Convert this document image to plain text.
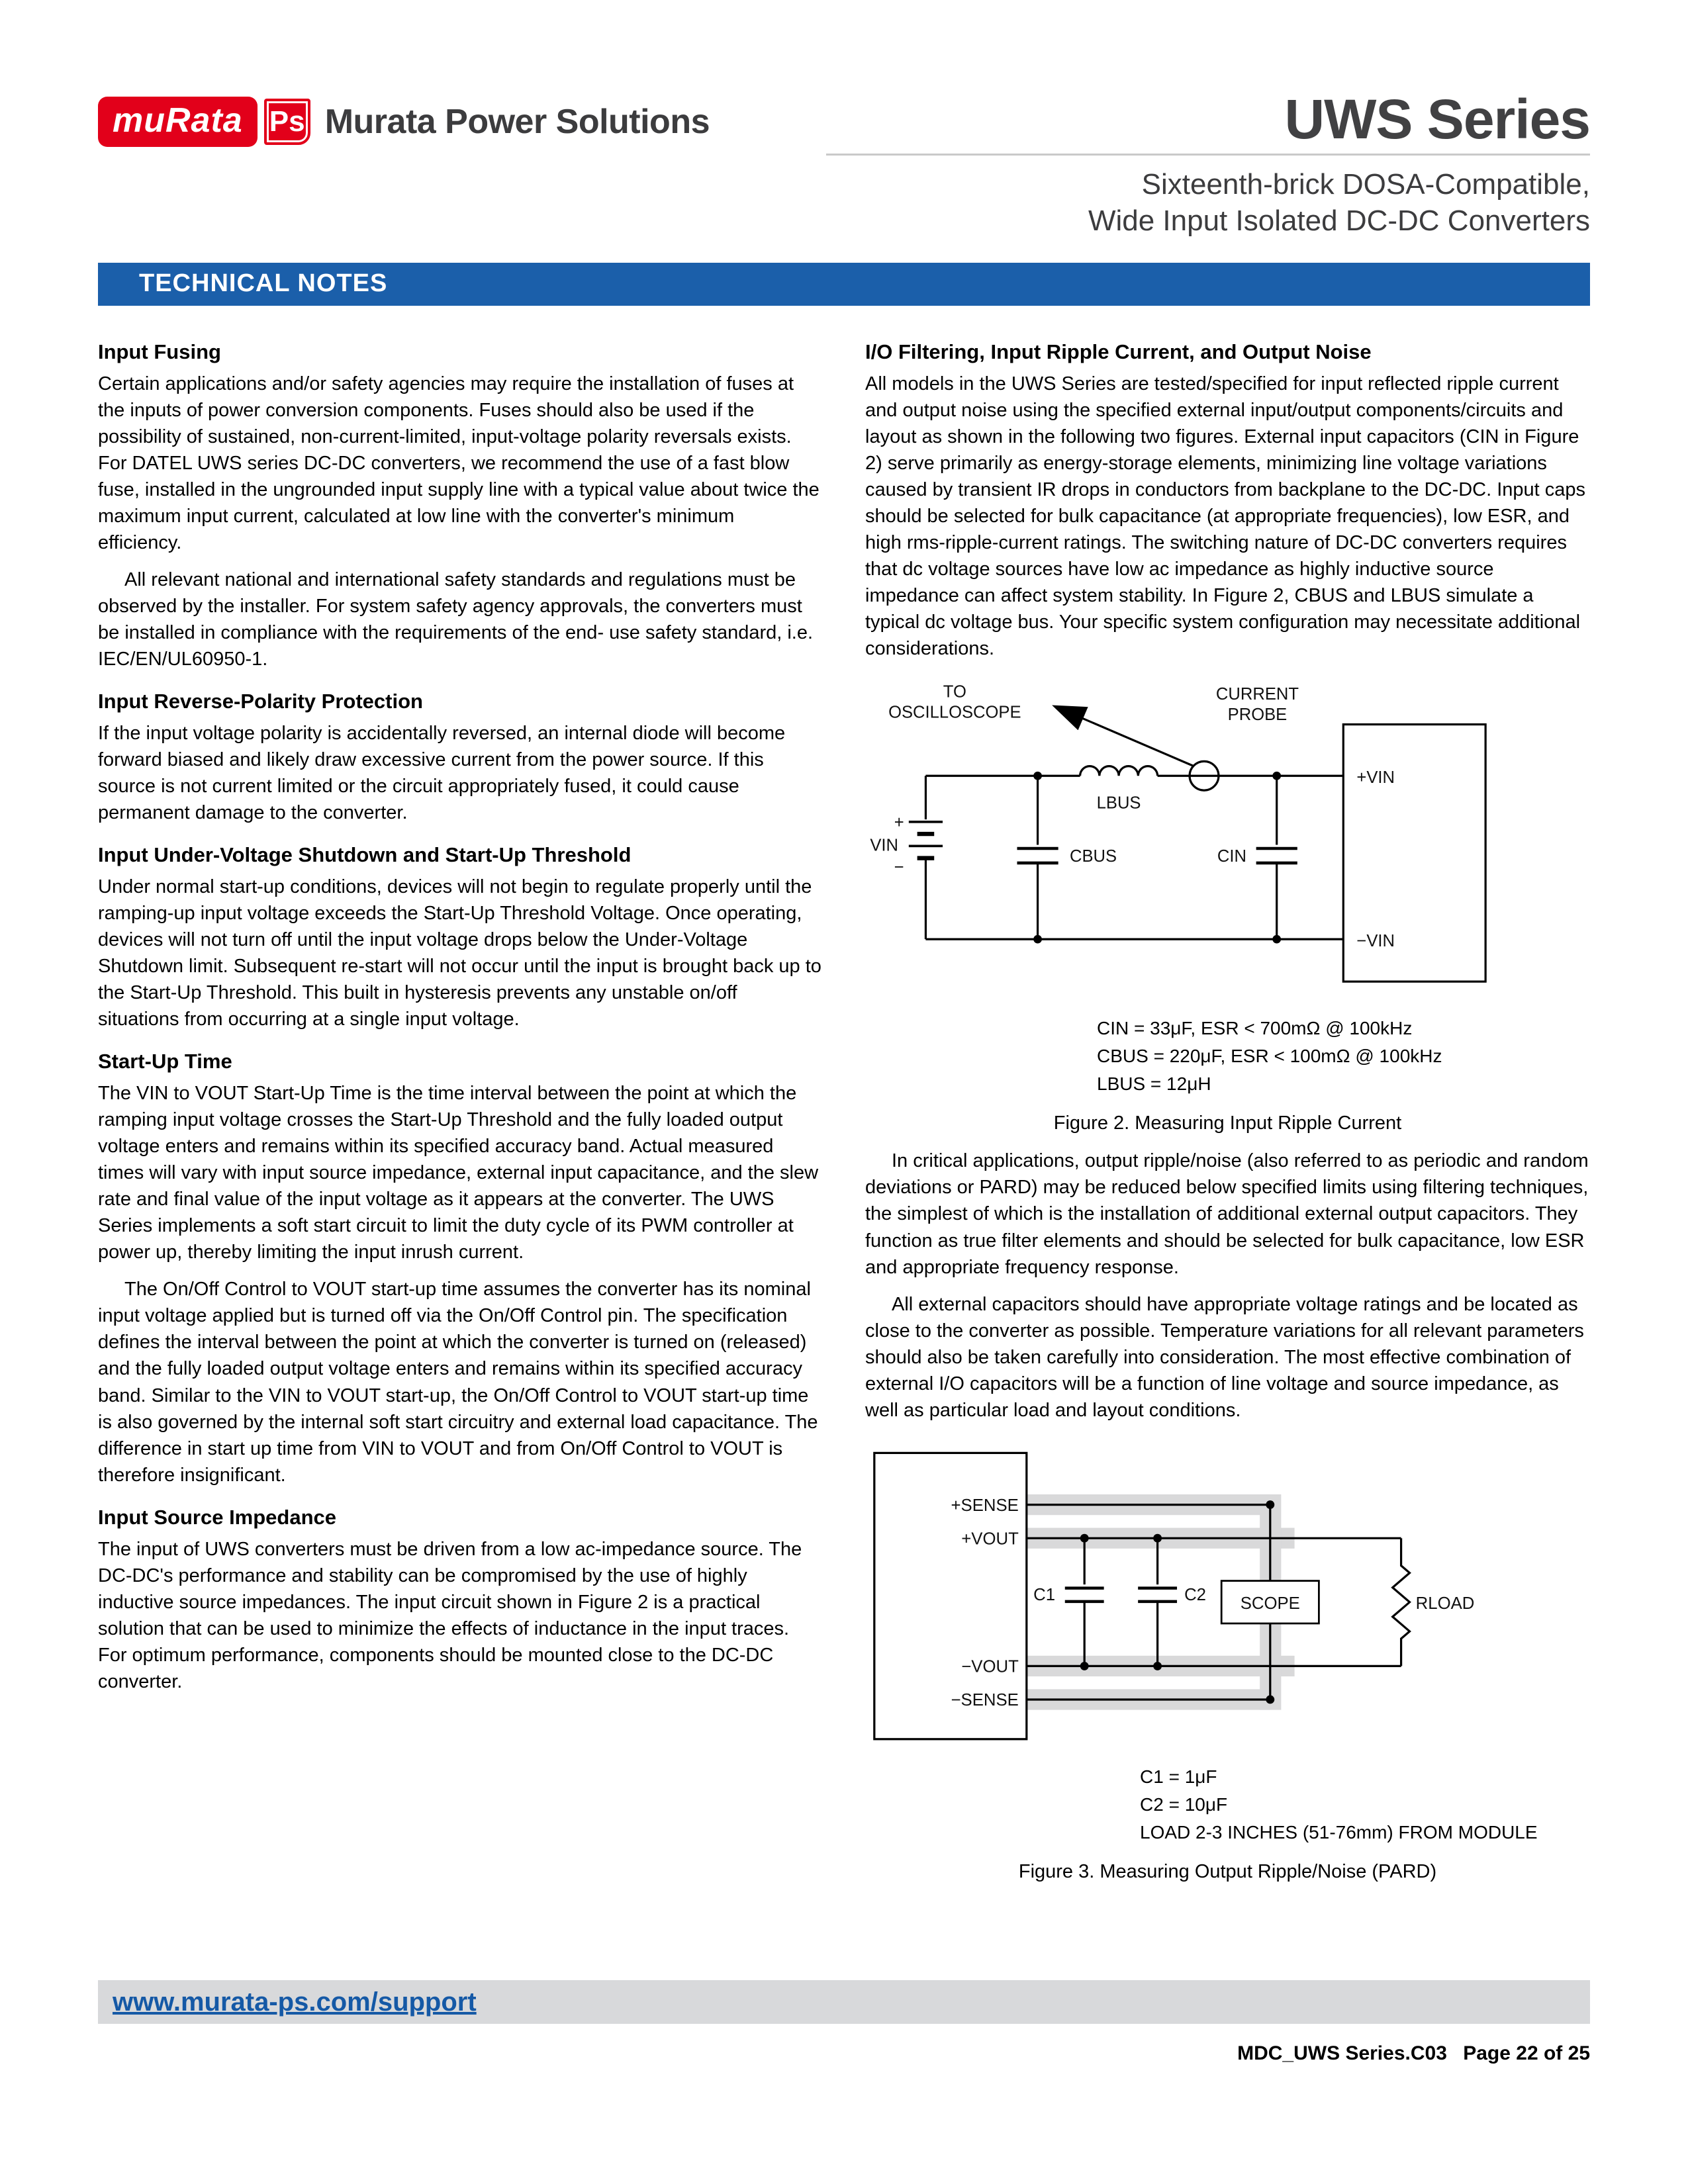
muRata Ps Murata Power Solutions	UWS Series
Sixteenth-brick DOSA-Compatible,
Wide Input Isolated DC-DC Converters
TECHNICAL NOTES
Input Fusing

Certain applications and/or safety agencies may require the installation of fuses at the inputs of power conversion components. Fuses should also be used if the possibility of sustained, non-current-limited, input-voltage polarity reversals exists. For DATEL UWS series DC-DC converters, we recommend the use of a fast blow fuse, installed in the ungrounded input supply line with a typical value about twice the maximum input current, calculated at low line with the converter's minimum efficiency.

All relevant national and international safety standards and regulations must be observed by the installer. For system safety agency approvals, the converters must be installed in compliance with the requirements of the end- use safety standard, i.e. IEC/EN/UL60950-1.

Input Reverse-Polarity Protection

If the input voltage polarity is accidentally reversed, an internal diode will become forward biased and likely draw excessive current from the power source. If this source is not current limited or the circuit appropriately fused, it could cause permanent damage to the converter.

Input Under-Voltage Shutdown and Start-Up Threshold

Under normal start-up conditions, devices will not begin to regulate properly until the ramping-up input voltage exceeds the Start-Up Threshold Voltage. Once operating, devices will not turn off until the input voltage drops below the Under-Voltage Shutdown limit. Subsequent re-start will not occur until the input is brought back up to the Start-Up Threshold. This built in hysteresis prevents any unstable on/off situations from occurring at a single input voltage.

Start-Up Time

The VIN to VOUT Start-Up Time is the time interval between the point at which the ramping input voltage crosses the Start-Up Threshold and the fully loaded output voltage enters and remains within its specified accuracy band. Actual measured times will vary with input source impedance, external input capacitance, and the slew rate and final value of the input voltage as it appears at the converter. The UWS Series implements a soft start circuit to limit the duty cycle of its PWM controller at power up, thereby limiting the input inrush current.

The On/Off Control to VOUT start-up time assumes the converter has its nominal input voltage applied but is turned off via the On/Off Control pin. The specification defines the interval between the point at which the converter is turned on (released) and the fully loaded output voltage enters and remains within its specified accuracy band. Similar to the VIN to VOUT start-up, the On/Off Control to VOUT start-up time is also governed by the internal soft start circuitry and external load capacitance. The difference in start up time from VIN to VOUT and from On/Off Control to VOUT is therefore insignificant.

Input Source Impedance

The input of UWS converters must be driven from a low ac-impedance source. The DC-DC's performance and stability can be compromised by the use of highly inductive source impedances. The input circuit shown in Figure 2 is a practical solution that can be used to minimize the effects of inductance in the input traces. For optimum performance, components should be mounted close to the DC-DC converter.

I/O Filtering, Input Ripple Current, and Output Noise

All models in the UWS Series are tested/specified for input reflected ripple current and output noise using the specified external input/output components/circuits and layout as shown in the following two figures. External input capacitors (CIN in Figure 2) serve primarily as energy-storage elements, minimizing line voltage variations caused by transient IR drops in conductors from backplane to the DC-DC. Input caps should be selected for bulk capacitance (at appropriate frequencies), low ESR, and high rms-ripple-current ratings. The switching nature of DC-DC converters requires that dc voltage sources have low ac impedance as highly inductive source impedance can affect system stability. In Figure 2, CBUS and LBUS simulate a typical dc voltage bus. Your specific system configuration may necessitate additional considerations.

TO
OSCILLOSCOPE
CURRENT
PROBE
+
−
VIN
LBUS
CBUS	CIN
+VIN
−VIN
CIN = 33μF, ESR < 700mΩ @ 100kHz
CBUS = 220μF, ESR < 100mΩ @ 100kHz
LBUS = 12μH
Figure 2. Measuring Input Ripple Current

In critical applications, output ripple/noise (also referred to as periodic and random deviations or PARD) may be reduced below specified limits using filtering techniques, the simplest of which is the installation of additional external output capacitors. They function as true filter elements and should be selected for bulk capacitance, low ESR and appropriate frequency response.

All external capacitors should have appropriate voltage ratings and be located as close to the converter as possible. Temperature variations for all relevant parameters should also be taken carefully into consideration. The most effective combination of external I/O capacitors will be a function of line voltage and source impedance, as well as particular load and layout conditions.

+SENSE
+VOUT
−VOUT
−SENSE
C1	C2 SCOPE	RLOAD
C1 = 1μF
C2 = 10μF
LOAD 2-3 INCHES (51-76mm) FROM MODULE
Figure 3. Measuring Output Ripple/Noise (PARD)
www.murata-ps.com/support
MDC_UWS Series.C03 Page 22 of 25
